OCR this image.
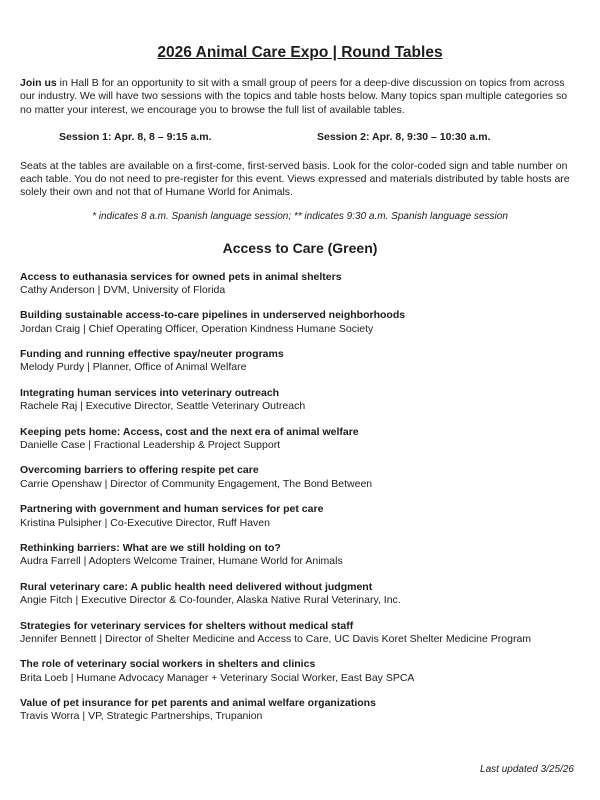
2026 Animal Care Expo | Round Tables

Join us in Hall B for an opportunity to sit with a small group of peers for a deep-dive discussion on topics from across our industry. We will have two sessions with the topics and table hosts below. Many topics span multiple categories so no matter your interest, we encourage you to browse the full list of available tables.

Session 1: Apr. 8, 8 – 9:15 a.m.	Session 2: Apr. 8, 9:30 – 10:30 a.m.

Seats at the tables are available on a first-come, first-served basis. Look for the color-coded sign and table number on each table. You do not need to pre-register for this event. Views expressed and materials distributed by table hosts are solely their own and not that of Humane World for Animals.

* indicates 8 a.m. Spanish language session; ** indicates 9:30 a.m. Spanish language session

Access to Care (Green)
Access to euthanasia services for owned pets in animal shelters
Cathy Anderson | DVM, University of Florida
Building sustainable access-to-care pipelines in underserved neighborhoods
Jordan Craig | Chief Operating Officer, Operation Kindness Humane Society
Funding and running effective spay/neuter programs
Melody Purdy | Planner, Office of Animal Welfare
Integrating human services into veterinary outreach
Rachele Raj | Executive Director, Seattle Veterinary Outreach
Keeping pets home: Access, cost and the next era of animal welfare
Danielle Case | Fractional Leadership & Project Support
Overcoming barriers to offering respite pet care
Carrie Openshaw | Director of Community Engagement, The Bond Between
Partnering with government and human services for pet care
Kristina Pulsipher | Co-Executive Director, Ruff Haven
Rethinking barriers: What are we still holding on to?
Audra Farrell | Adopters Welcome Trainer, Humane World for Animals
Rural veterinary care: A public health need delivered without judgment
Angie Fitch | Executive Director & Co-founder, Alaska Native Rural Veterinary, Inc.
Strategies for veterinary services for shelters without medical staff
Jennifer Bennett | Director of Shelter Medicine and Access to Care, UC Davis Koret Shelter Medicine Program
The role of veterinary social workers in shelters and clinics
Brita Loeb | Humane Advocacy Manager + Veterinary Social Worker, East Bay SPCA
Value of pet insurance for pet parents and animal welfare organizations
Travis Worra | VP, Strategic Partnerships, Trupanion
Last updated 3/25/26
